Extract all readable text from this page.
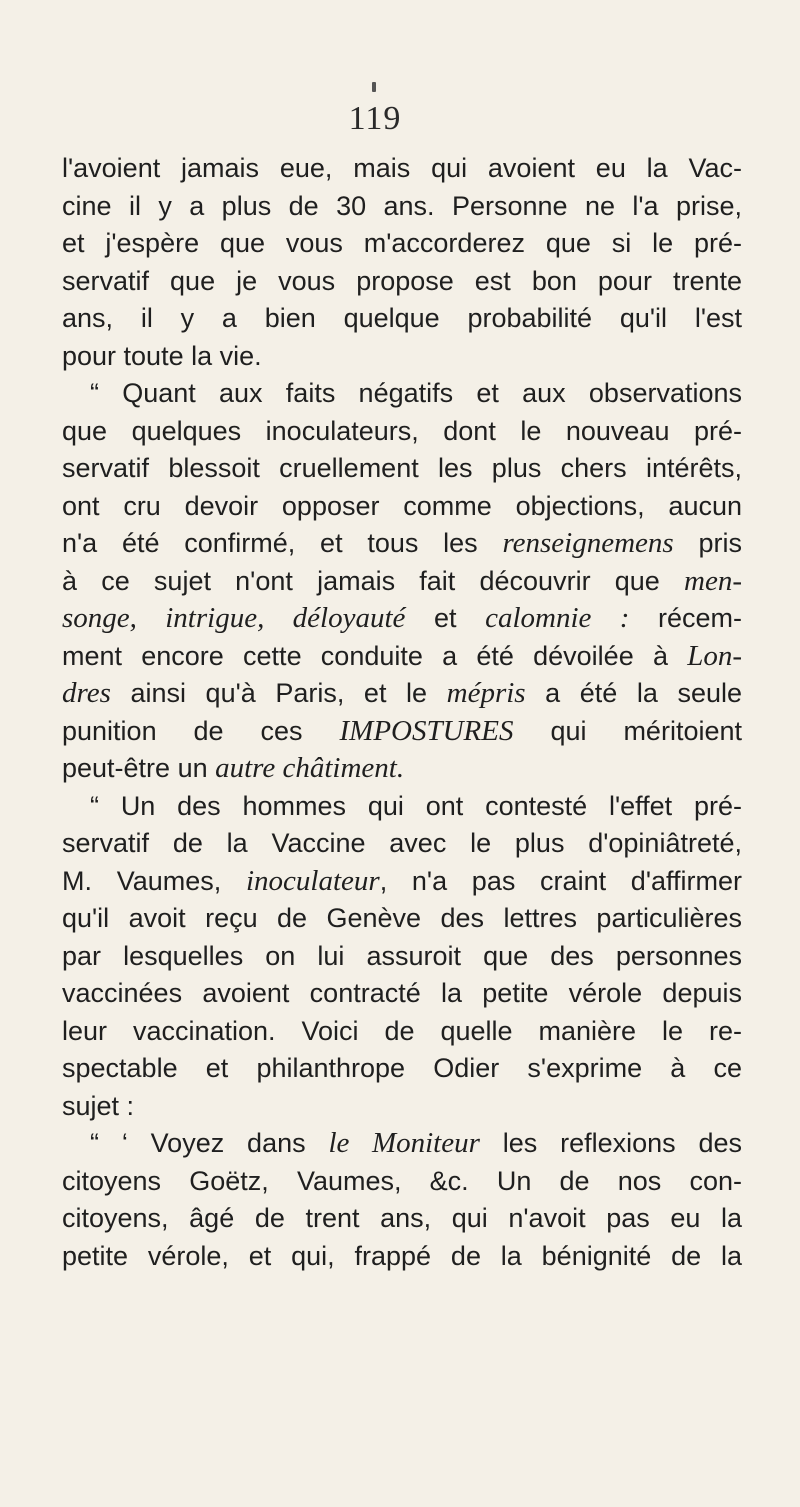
119
l'avoient jamais eue, mais qui avoient eu la Vac-
cine il y a plus de 30 ans. Personne ne l'a prise,
et j'espère que vous m'accorderez que si le pré-
servatif que je vous propose est bon pour trente
ans, il y a bien quelque probabilité qu'il l'est
pour toute la vie.
“ Quant aux faits négatifs et aux observations
que quelques inoculateurs, dont le nouveau pré-
servatif blessoit cruellement les plus chers intérêts,
ont cru devoir opposer comme objections, aucun
n'a été confirmé, et tous les renseignemens pris
à ce sujet n'ont jamais fait découvrir que men-
songe, intrigue, déloyauté et calomnie : récem-
ment encore cette conduite a été dévoilée à Lon-
dres ainsi qu'à Paris, et le mépris a été la seule
punition de ces IMPOSTURES qui méritoient
peut-être un autre châtiment.
“ Un des hommes qui ont contesté l'effet pré-
servatif de la Vaccine avec le plus d'opiniâtreté,
M. Vaumes, inoculateur, n'a pas craint d'affirmer
qu'il avoit reçu de Genève des lettres particulières
par lesquelles on lui assuroit que des personnes
vaccinées avoient contracté la petite vérole depuis
leur vaccination. Voici de quelle manière le re-
spectable et philanthrope Odier s'exprime à ce
sujet :
“ ‘ Voyez dans le Moniteur les reflexions des
citoyens Goëtz, Vaumes, &c. Un de nos con-
citoyens, âgé de trent ans, qui n'avoit pas eu la
petite vérole, et qui, frappé de la bénignité de la
